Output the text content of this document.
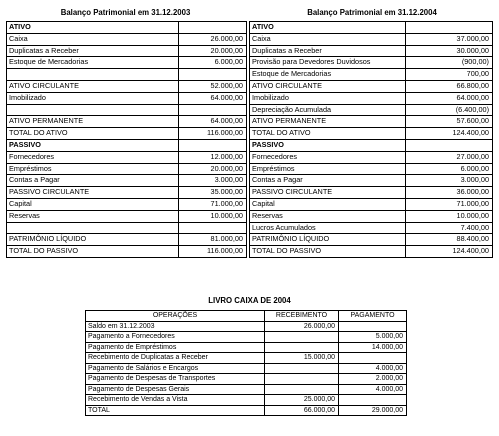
Balanço Patrimonial em 31.12.2003	Balanço Patrimonial em 31.12.2004
ATIVO	
Caixa	26.000,00
Duplicatas a Receber	20.000,00
Estoque de Mercadorias	6.000,00

ATIVO CIRCULANTE	52.000,00
Imobilizado	64.000,00

ATIVO PERMANENTE	64.000,00
TOTAL DO ATIVO	116.000,00
PASSIVO	
Fornecedores	12.000,00
Empréstimos	20.000,00
Contas a Pagar	3.000,00
PASSIVO CIRCULANTE	35.000,00
Capital	71.000,00
Reservas	10.000,00

PATRIMÔNIO LÍQUIDO	81.000,00
TOTAL DO PASSIVO	116.000,00
ATIVO	
Caixa	37.000,00
Duplicatas a Receber	30.000,00
Provisão para Devedores Duvidosos	(900,00)
Estoque de Mercadorias	700,00
ATIVO CIRCULANTE	66.800,00
Imobilizado	64.000,00
Depreciação Acumulada	(6.400,00)
ATIVO PERMANENTE	57.600,00
TOTAL DO ATIVO	124.400,00
PASSIVO	
Fornecedores	27.000,00
Empréstimos	6.000,00
Contas a Pagar	3.000,00
PASSIVO CIRCULANTE	36.000,00
Capital	71.000,00
Reservas	10.000,00
Lucros Acumulados	7.400,00
PATRIMÔNIO LÍQUIDO	88.400,00
TOTAL DO PASSIVO	124.400,00
LIVRO CAIXA DE 2004
OPERAÇÕES	RECEBIMENTO	PAGAMENTO
Saldo em 31.12.2003	26.000,00	
Pagamento a Fornecedores		5.000,00
Pagamento de Empréstimos		14.000,00
Recebimento de Duplicatas a Receber	15.000,00	
Pagamento de Salários e Encargos		4.000,00
Pagamento de Despesas de Transportes		2.000,00
Pagamento de Despesas Gerais		4.000,00
Recebimento de Vendas a Vista	25.000,00	
TOTAL	66.000,00	29.000,00
